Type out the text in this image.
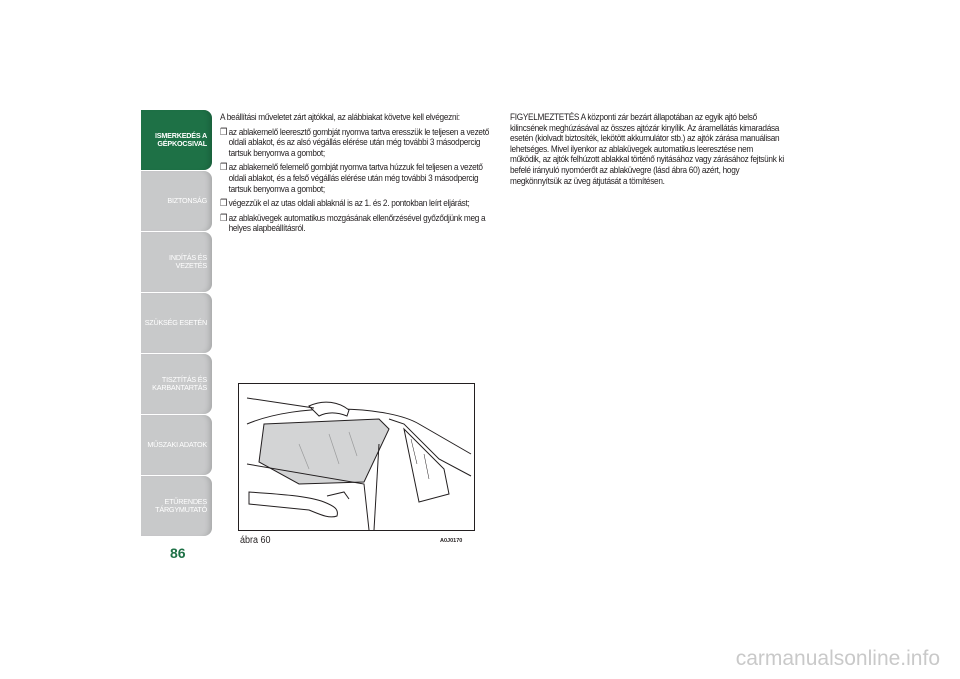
ISMERKEDÉS A
GÉPKOCSIVAL
BIZTONSÁG
INDÍTÁS ÉS VEZETÉS
SZÜKSÉG ESETÉN
TISZTÍTÁS ÉS
KARBANTARTÁS
MŰSZAKI ADATOK
ETŰRENDES
TÁRGYMUTATÓ
86

A beállítási műveletet zárt ajtókkal, az alábbiakat követve kell elvégezni:

❒ az ablakemelő leeresztő gombját nyomva tartva eresszük le teljesen a vezető oldali ablakot, és az alsó végállás elérése után még további 3 másodpercig tartsuk benyomva a gombot;
❒ az ablakemelő felemelő gombját nyomva tartva húzzuk fel teljesen a vezető oldali ablakot, és a felső végállás elérése után még további 3 másodpercig tartsuk benyomva a gombot;
❒ végezzük el az utas oldali ablaknál is az 1. és 2. pontokban leírt eljárást;
❒ az ablaküvegek automatikus mozgásának ellenőrzésével győződjünk meg a helyes alapbeállításról.

FIGYELMEZTETÉS A központi zár bezárt állapotában az egyik ajtó belső kilincsének meghúzásával az összes ajtózár kinyílik. Az áramellátás kimaradása esetén (kiolvadt biztosíték, lekötött akkumulátor stb.) az ajtók zárása manuálisan lehetséges. Mivel ilyenkor az ablaküvegek automatikus leeresztése nem működik, az ajtók felhúzott ablakkal történő nyitásához vagy zárásához fejtsünk ki befelé irányuló nyomóerőt az ablaküvegre (lásd ábra 60) azért, hogy megkönnyítsük az üveg átjutását a tömítésen.

ábra 60	A0J0170
carmanualsonline.info
